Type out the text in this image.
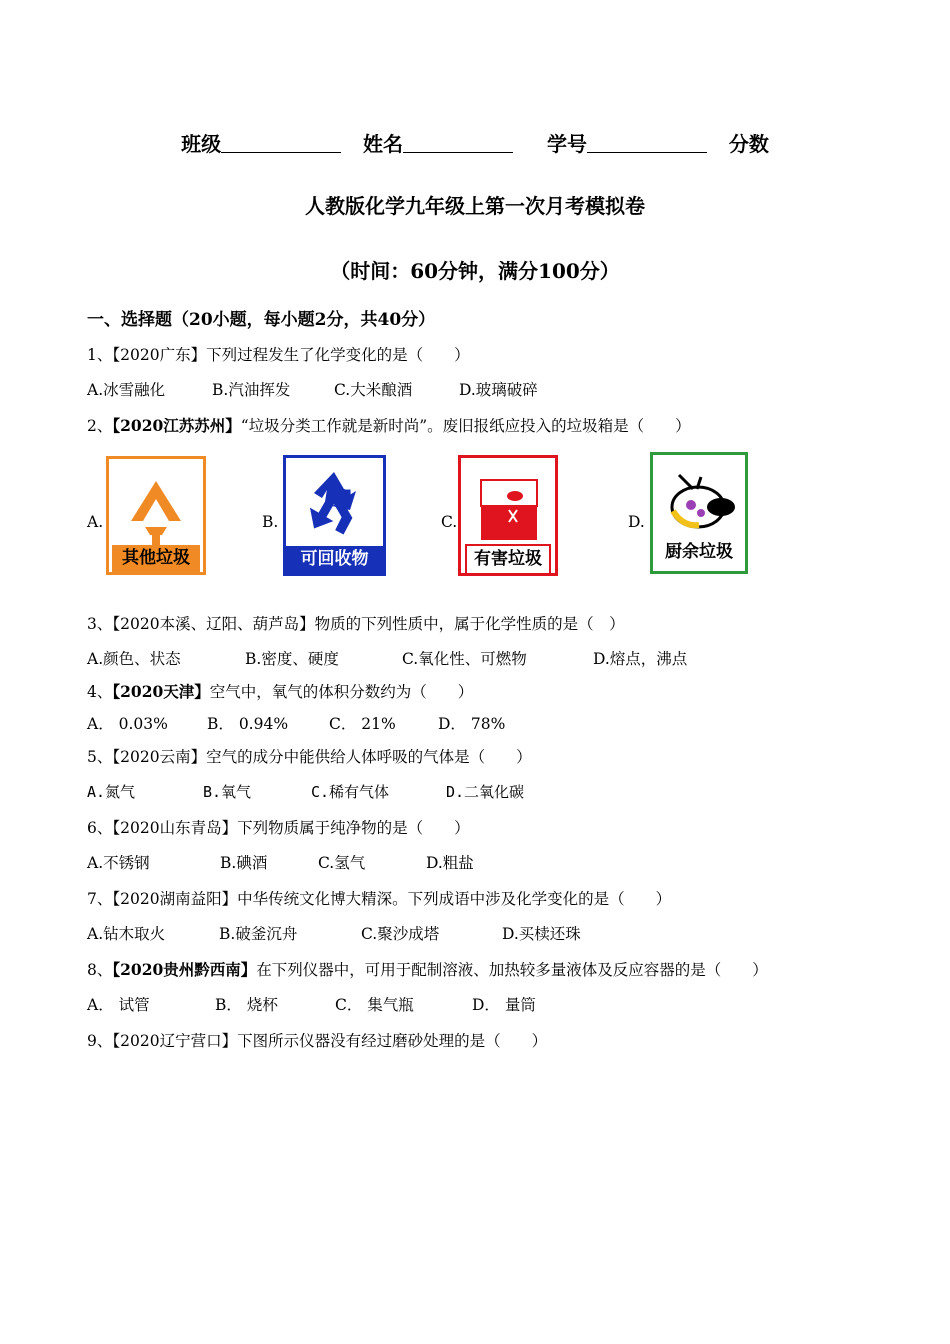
班级	姓名	学号	分数
人教版化学九年级上第一次月考模拟卷
（时间：60分钟，满分100分）
一、选择题（20小题，每小题2分，共40分）
1、【2020广东】下列过程发生了化学变化的是（　　）
A.冰雪融化	B.汽油挥发	C.大米酿酒	D.玻璃破碎
2、【2020江苏苏州】“垃圾分类工作就是新时尚”。废旧报纸应投入的垃圾箱是（　　）
A.	B.	C.	D.
其他垃圾	可回收物	有害垃圾	厨余垃圾
3、【2020本溪、辽阳、葫芦岛】物质的下列性质中，属于化学性质的是（　）
A.颜色、状态	B.密度、硬度	C.氧化性、可燃物	D.熔点，沸点
4、【2020天津】空气中，氧气的体积分数约为（　　）
A． 0.03%	B． 0.94%	C． 21%	D． 78%
5、【2020云南】空气的成分中能供给人体呼吸的气体是（　　）
A.氮气	B.氧气	C.稀有气体	D.二氧化碳
6、【2020山东青岛】下列物质属于纯净物的是（　　）
A.不锈钢	B.碘酒	C.氢气	D.粗盐
7、【2020湖南益阳】中华传统文化博大精深。下列成语中涉及化学变化的是（　　）
A.钻木取火	B.破釜沉舟	C.聚沙成塔	D.买椟还珠
8、【2020贵州黔西南】在下列仪器中，可用于配制溶液、加热较多量液体及反应容器的是（　　）
A． 试管	B． 烧杯	C． 集气瓶	D． 量筒
9、【2020辽宁营口】下图所示仪器没有经过磨砂处理的是（　　）
